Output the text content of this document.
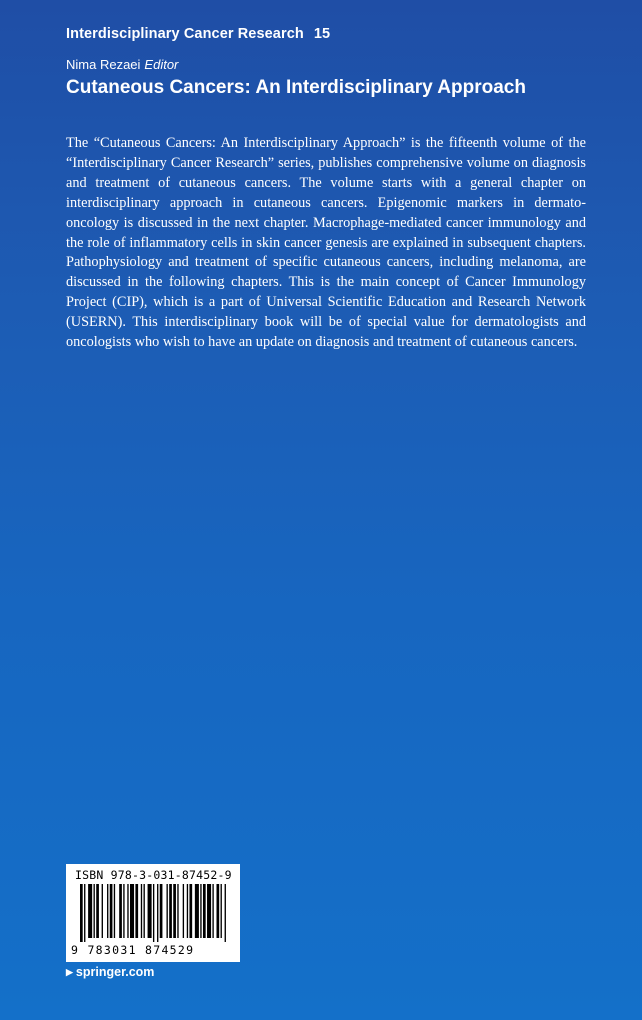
Interdisciplinary Cancer Research 15
Nima Rezaei Editor
Cutaneous Cancers: An Interdisciplinary Approach

The “Cutaneous Cancers: An Interdisciplinary Approach” is the fifteenth volume of the “Interdisciplinary Cancer Research” series, publishes comprehensive volume on diagnosis and treatment of cutaneous cancers. The volume starts with a general chapter on interdisciplinary approach in cutaneous cancers. Epigenomic markers in dermato-oncology is discussed in the next chapter. Macrophage-mediated cancer immunology and the role of inflammatory cells in skin cancer genesis are explained in subsequent chapters. Pathophysiology and treatment of specific cutaneous cancers, including melanoma, are discussed in the following chapters. This is the main concept of Cancer Immunology Project (CIP), which is a part of Universal Scientific Education and Research Network (USERN). This interdisciplinary book will be of special value for dermatologists and oncologists who wish to have an update on diagnosis and treatment of cutaneous cancers.

ISBN 978-3-031-87452-9
9 783031 874529
▶ springer.com
